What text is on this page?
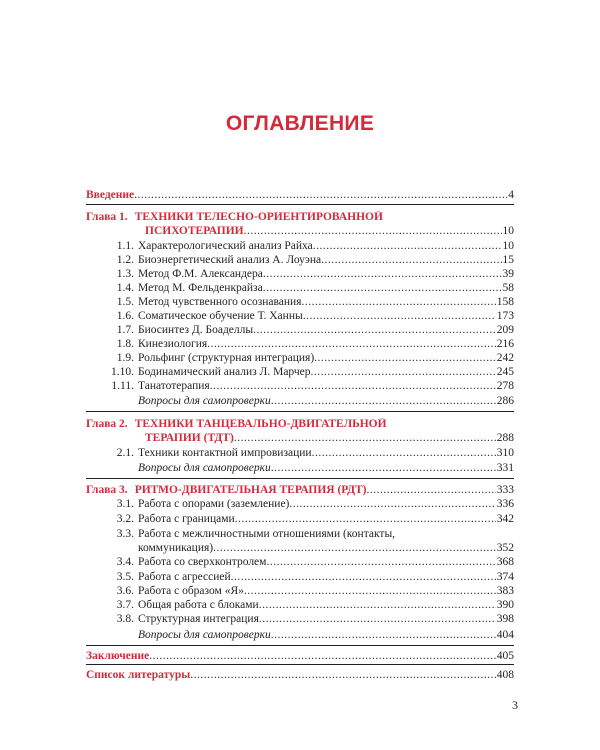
ОГЛАВЛЕНИЕ
Введение .....	4
Глава 1. ТЕХНИКИ ТЕЛЕСНО-ОРИЕНТИРОВАННОЙ
ПСИХОТЕРАПИИ .....	10
1.1. Характерологический анализ Райха .....	10
1.2. Биоэнергетический анализ А. Лоуэна .....	15
1.3. Метод Ф.М. Александера .....	39
1.4. Метод М. Фельденкрайза .....	58
1.5. Метод чувственного осознавания .....	158
1.6. Соматическое обучение Т. Ханны .....	173
1.7. Биосинтез Д. Боаделлы .....	209
1.8. Кинезиология .....	216
1.9. Рольфинг (структурная интеграция) .....	242
1.10. Бодинамический анализ Л. Марчер .....	245
1.11. Танатотерапия .....	278
Вопросы для самопроверки .....	286
Глава 2. ТЕХНИКИ ТАНЦЕВАЛЬНО-ДВИГАТЕЛЬНОЙ
ТЕРАПИИ (ТДТ) .....	288
2.1. Техники контактной импровизации .....	310
Вопросы для самопроверки .....	331
Глава 3. РИТМО-ДВИГАТЕЛЬНАЯ ТЕРАПИЯ (РДТ) .....	333
3.1. Работа с опорами (заземление) .....	336
3.2. Работа с границами .....	342
3.3. Работа с межличностными отношениями (контакты,
коммуникация) .....	352
3.4. Работа со сверхконтролем .....	368
3.5. Работа с агрессией .....	374
3.6. Работа с образом «Я» .....	383
3.7. Общая работа с блоками .....	390
3.8. Структурная интеграция .....	398
Вопросы для самопроверки .....	404
Заключение .....	405
Список литературы .....	408
3
